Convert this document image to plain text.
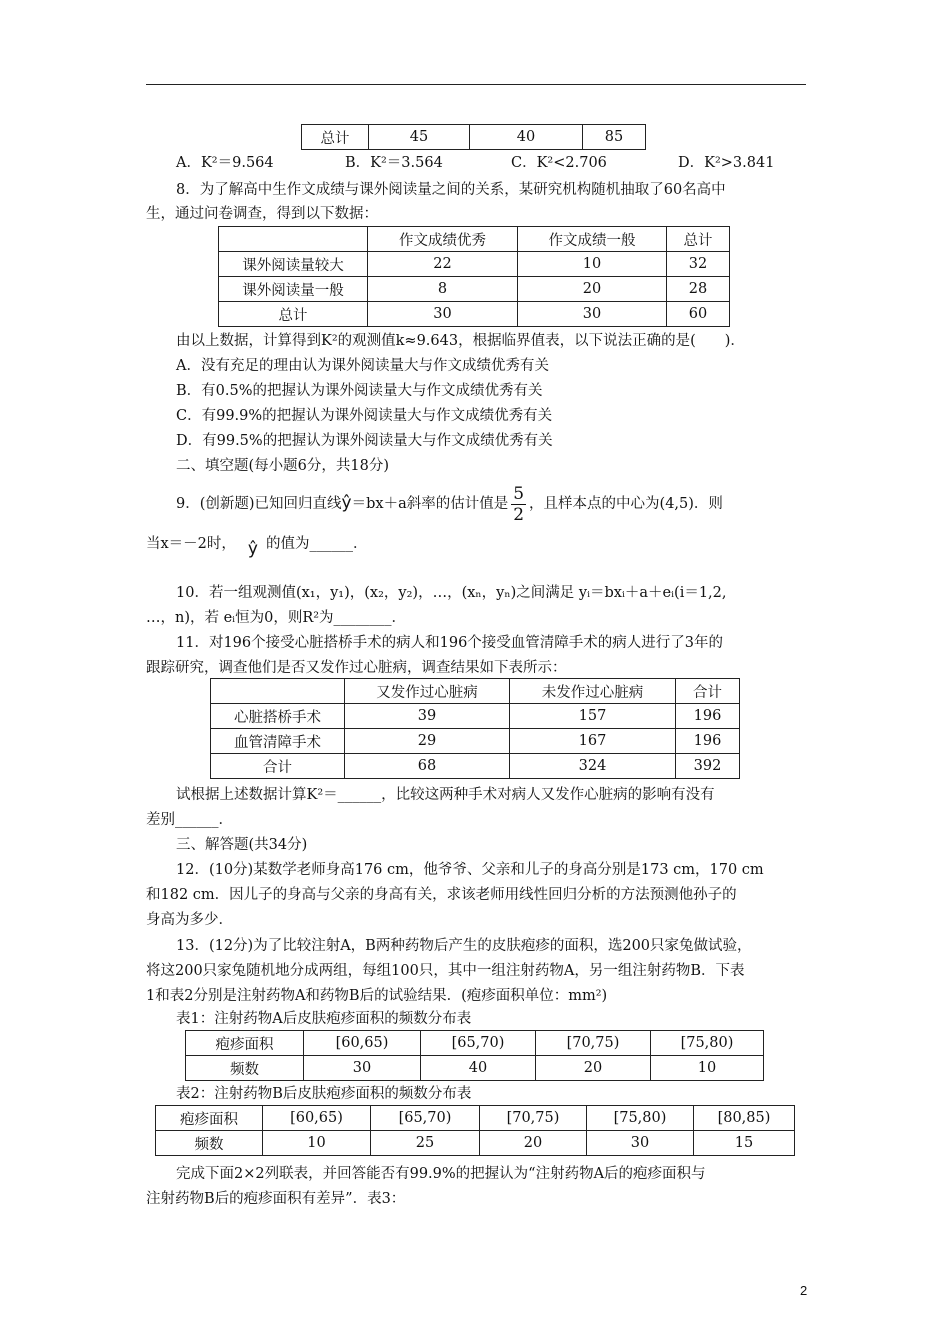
总计	45	40	85
A．K²＝9.564	B．K²＝3.564	C．K²<2.706	D．K²>3.841
8．为了解高中生作文成绩与课外阅读量之间的关系，某研究机构随机抽取了60名高中
生，通过问卷调查，得到以下数据：
	作文成绩优秀	作文成绩一般	总计
课外阅读量较大	22	10	32
课外阅读量一般	8	20	28
总计	30	30	60
由以上数据，计算得到K²的观测值k≈9.643，根据临界值表，以下说法正确的是(　　)．
A．没有充足的理由认为课外阅读量大与作文成绩优秀有关
B．有0.5%的把握认为课外阅读量大与作文成绩优秀有关
C．有99.9%的把握认为课外阅读量大与作文成绩优秀有关
D．有99.5%的把握认为课外阅读量大与作文成绩优秀有关
二、填空题(每小题6分，共18分)
9．(创新题)已知回归直线ŷ＝bx＋a斜率的估计值是 $\frac{5}{2}$ ，且样本点的中心为(4,5)．则
当x＝－2时， ŷ 的值为______．
10．若一组观测值(x₁，y₁)，(x₂，y₂)，…，(xₙ，yₙ)之间满足 yᵢ＝bxᵢ＋a＋eᵢ(i＝1,2,
…，n)，若 eᵢ恒为0，则R²为________．
11．对196个接受心脏搭桥手术的病人和196个接受血管清障手术的病人进行了3年的
跟踪研究，调查他们是否又发作过心脏病，调查结果如下表所示：
	又发作过心脏病	未发作过心脏病	合计
心脏搭桥手术	39	157	196
血管清障手术	29	167	196
合计	68	324	392
试根据上述数据计算K²＝______，比较这两种手术对病人又发作心脏病的影响有没有
差别______．
三、解答题(共34分)
12．(10分)某数学老师身高176 cm，他爷爷、父亲和儿子的身高分别是173 cm，170 cm
和182 cm．因儿子的身高与父亲的身高有关，求该老师用线性回归分析的方法预测他孙子的
身高为多少．
13．(12分)为了比较注射A，B两种药物后产生的皮肤疱疹的面积，选200只家兔做试验，
将这200只家兔随机地分成两组，每组100只，其中一组注射药物A，另一组注射药物B．下表
1和表2分别是注射药物A和药物B后的试验结果．(疱疹面积单位：mm²)
表1：注射药物A后皮肤疱疹面积的频数分布表
疱疹面积	[60,65)	[65,70)	[70,75)	[75,80)
频数	30	40	20	10
表2：注射药物B后皮肤疱疹面积的频数分布表
疱疹面积	[60,65)	[65,70)	[70,75)	[75,80)	[80,85)
频数	10	25	20	30	15
完成下面2×2列联表，并回答能否有99.9%的把握认为“注射药物A后的疱疹面积与
注射药物B后的疱疹面积有差异”．表3：
2
